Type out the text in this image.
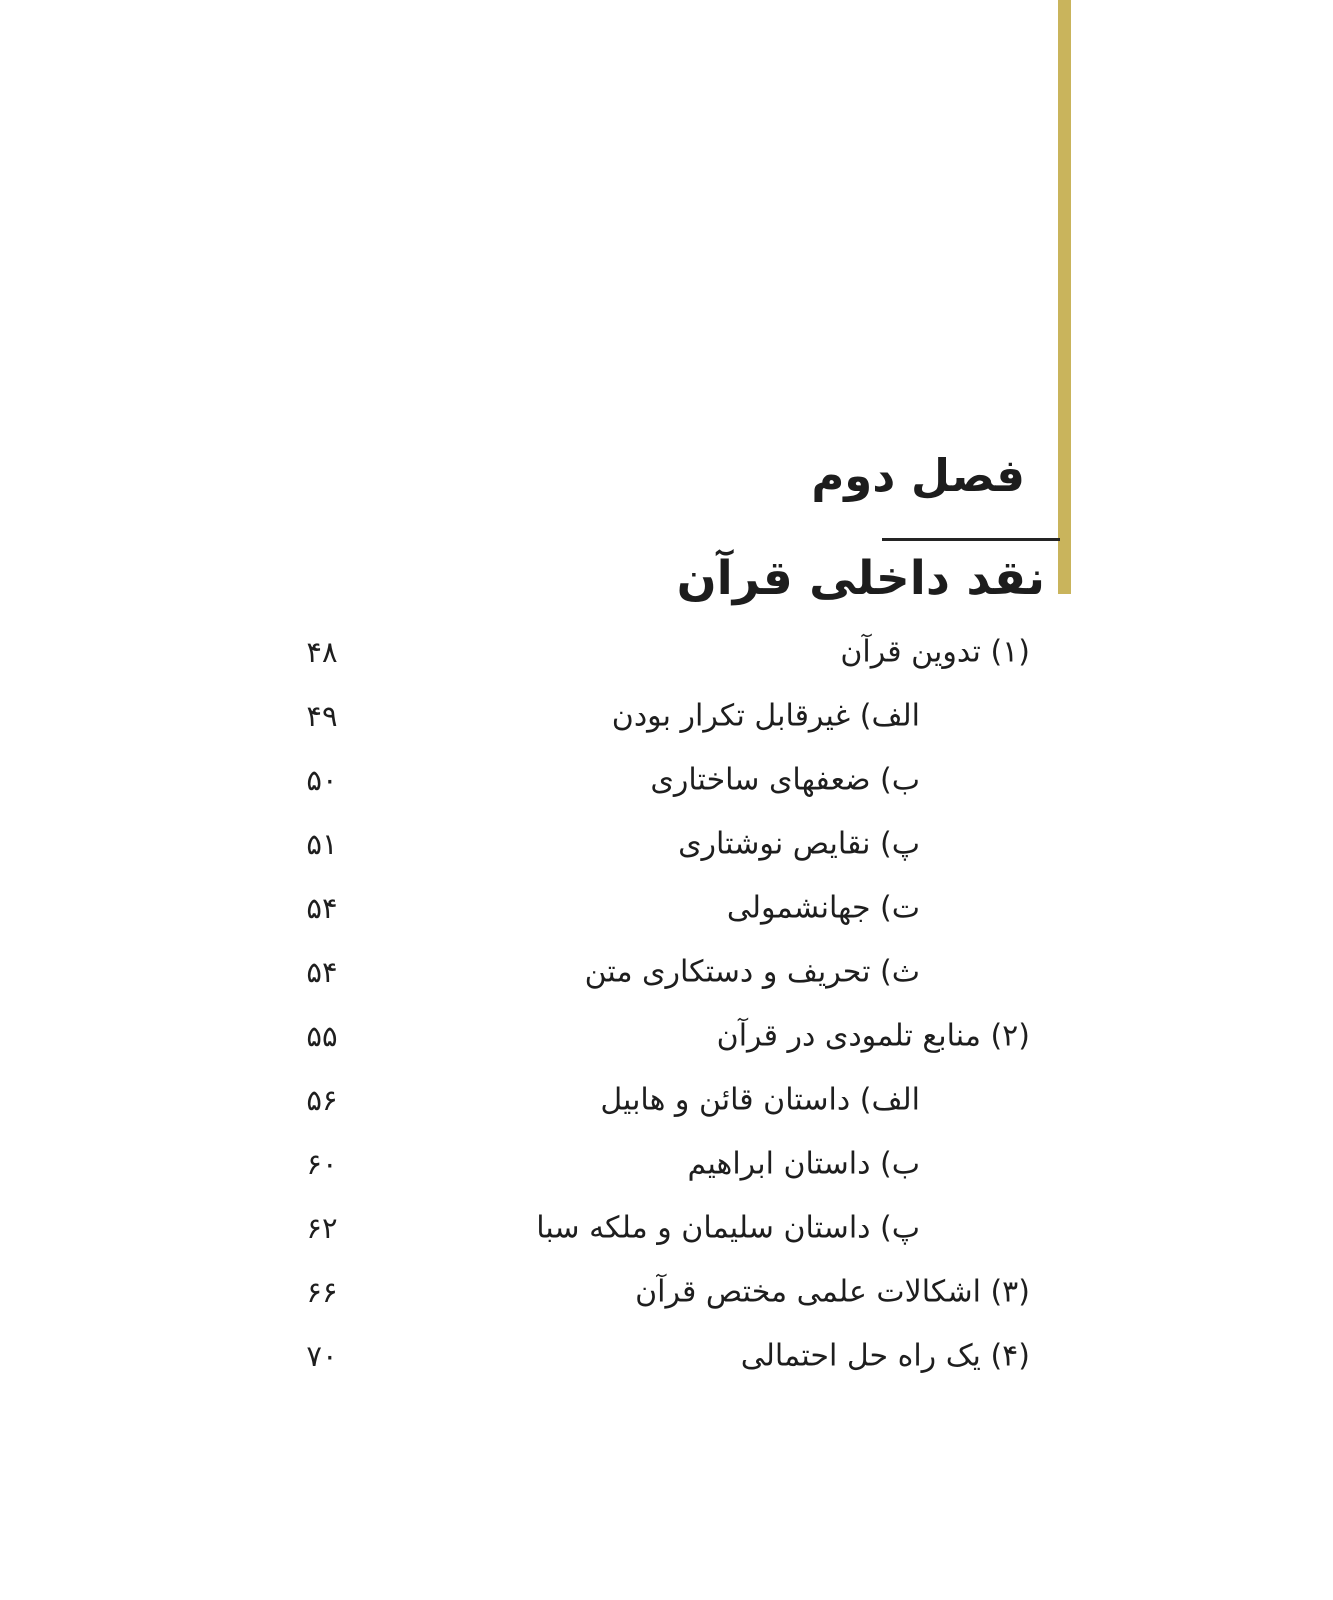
فصل دوم
نقد داخلی قرآن
(۱) تدوین قرآن
۴۸
الف) غیرقابل تکرار بودن
۴۹
ب) ضعفهای ساختاری
۵۰
پ) نقایص نوشتاری
۵۱
ت) جهانشمولی
۵۴
ث) تحریف و دستکاری متن
۵۴
(۲) منابع تلمودی در قرآن
۵۵
الف) داستان قائن و هابیل
۵۶
ب) داستان ابراهیم
۶۰
پ) داستان سلیمان و ملکه سبا
۶۲
(۳) اشکالات علمی مختص قرآن
۶۶
(۴) یک راه حل احتمالی
۷۰
